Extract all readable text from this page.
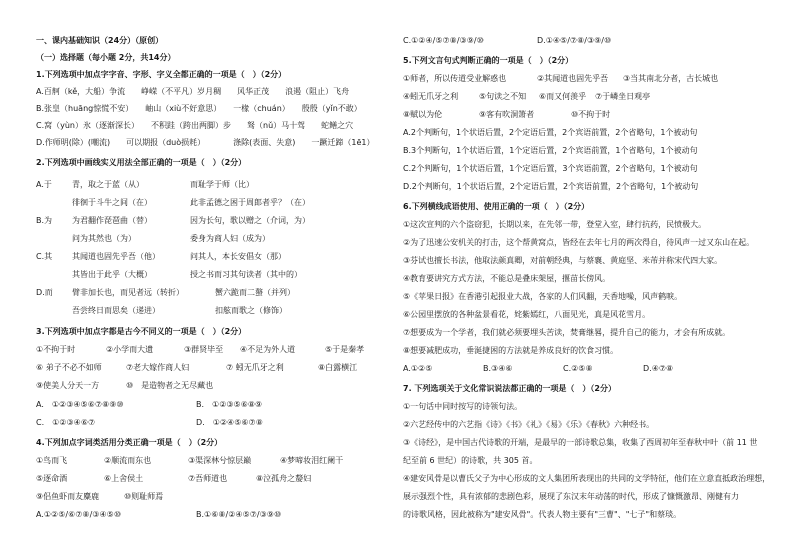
一、课内基础知识（24分）（原创）
（一）选择题（每小题 2分，共14分）
1.下列选项中加点字字音、字形、字义全都正确的一项是（　）（2分）
A.百舸（kě，大船）争流　　峥嵘（不平凡）岁月稠　　风华正茂　　浪遏（阻止）飞舟
B.张皇（huāng惊慌不安）　　岫山（xiù不好意思）　　一椽（chuán）　　殷殷（yǐn不敢）
C.窝（yùn）氷（逐渐深长）　　不积跬（跨出两脚）步　　驽（nǔ）马十驾　　蛇鳝之穴
D.作师明(除）(嘲流)　　可以期报（duò损耗）　　　　涤除(表面、失意)　　一蹶迁蹄（1ē1）
2.下列选项中画线实义用法全部正确的一项是（　）（2分）
A.于	青，取之于蓝（从）	而耻学于师（比）
徘徊于斗牛之间（在）	此非孟德之困于周郎者乎？（在）
B.为 为君翻作琵琶曲（替）	因为长句，歌以赠之（介词，为）
问为其然也（为）	委身为商人妇（成为）
C.其 其闻道也固先乎吾（他）	问其人，本长安倡女（那）
其皆出于此乎（大概）	授之书而习其句读者（其中的）
D.而 臂非加长也，而见者远（转折）	蟹六跪而二螯（并列）
吾尝终日而思矣（递进）	扣舷而歌之（修饰）
3.下列选项中加点字都是古今不同义的一项是（　）（2分）
①不拘于时	②小学而大遗	③群贤毕至 ④不足为外人道	⑤于是秦孝
⑥ 弟子不必不如师	⑦老大嫁作商人妇	⑦ 蚓无爪牙之利	⑧白露横江
⑨使美人分天一方	⑩　是造物者之无尽藏也
A.　①②③④⑤⑥⑦⑧⑨⑩	B.　①②③⑤⑥⑧⑨
C.　①②③④⑥⑦	D.　①②④⑤⑥⑦⑧
4.下列加点字词类活用分类正确一项是（　）（2分）
①鸟而飞	②顺流而东也	③渠深林兮惊层巅	④梦啼妆泪红阑干
⑤逐命酒	⑥上舍侯土	⑦吾师道也	⑧泣孤舟之嫠妇
⑨侣鱼虾而友麋鹿	⑩则耻师焉
A.①②⑤/⑥⑦⑧/③④⑤⑩	B.①⑥⑧/②④⑤⑦/③⑨⑩
C.①②④/⑤⑦⑧/③⑨/⑩	D.①④⑤/⑦⑧/③⑨/⑩
5.下列文言句式判断正确的一项是（　）（2分）
①师者，所以传道受业解惑也	②其闻道也固先乎吾 ③当其南北分者，古长城也
④蚓无爪牙之利	⑤句读之不知 ⑥而又何羡乎 ⑦于嶙坐日观亭
⑧赋以为伦	⑨客有吹洞箫者	⑩不拘于时
A.2个判断句，1个状语后置，2个定语后置，2个宾语前置，2个省略句，1个被动句
B.3个判断句，1个状语后置，1个定语后置，2个宾语前置，1个省略句，1个被动句
C.2个判断句，1个状语后置，1个定语后置，3个宾语前置，2个省略句，1个被动句
D.2个判断句，1个状语后置，2个定语后置，2个宾语前置，2个省略句，1个被动句
6.下列横线成语使用、使用正确的一项（　）（2分）
①这次宣判的六个盗窃犯，长期以来，在先邻一带，登堂入室，肆行抗药，民愤极大。
②为了迅速公安机关的打击，这个帮黄窝点，皆经在去年七月的两次得自，待风声一过又东山在起。
③芬试也擅长书法，他取法颜真卿，对前朝经典，与蔡襄、黄庭坚、米芾并称宋代四大家。
④教育要讲究方式方法，不能总是叠床架屋，揠苗长傍风。
⑤《苹果日报》在香港引起报业大战，各家的人们风翻，天香地噪，风声鹤唳。
⑥公园里摆放的各种盆景看花，姹紫嫣红，八面见光，真是风花雪月。
⑦想要成为一个学者，我们就必须要埋头苦读，焚膏继晷，提升自己的能力，才会有所成就。
⑧想要减肥成功，垂涎捷困的方法就是养成良好的饮食习惯。
A.①②⑤	B.③④⑥	C.②⑤⑧	D.④⑦⑧
7. 下列选项关于文化常识说法都正确的一项是（　）（2分）
①一句话中同时按写的诗领句法。
②六艺经传中的六艺指《诗》《书》《礼》《易》《乐》《春秋》六种经书。
③《诗经》，是中国古代诗歌的开端，是最早的一部诗歌总集，收集了西周初年至春秋中叶（前 11 世
纪至前 6 世纪）的诗歌，共 305 首。
④建安风骨是以曹氏父子为中心形成的文人集团所表现出的共同的文学特征，他们在立意直抵政治理想，
展示强烈个性，具有浓郁的悲剧色彩，展现了东汉末年动荡的时代，形成了慷慨激昂、刚健有力
的诗歌风格，因此被称为"建安风骨"。代表人物主要有"三曹"、"七子"和蔡琰。
